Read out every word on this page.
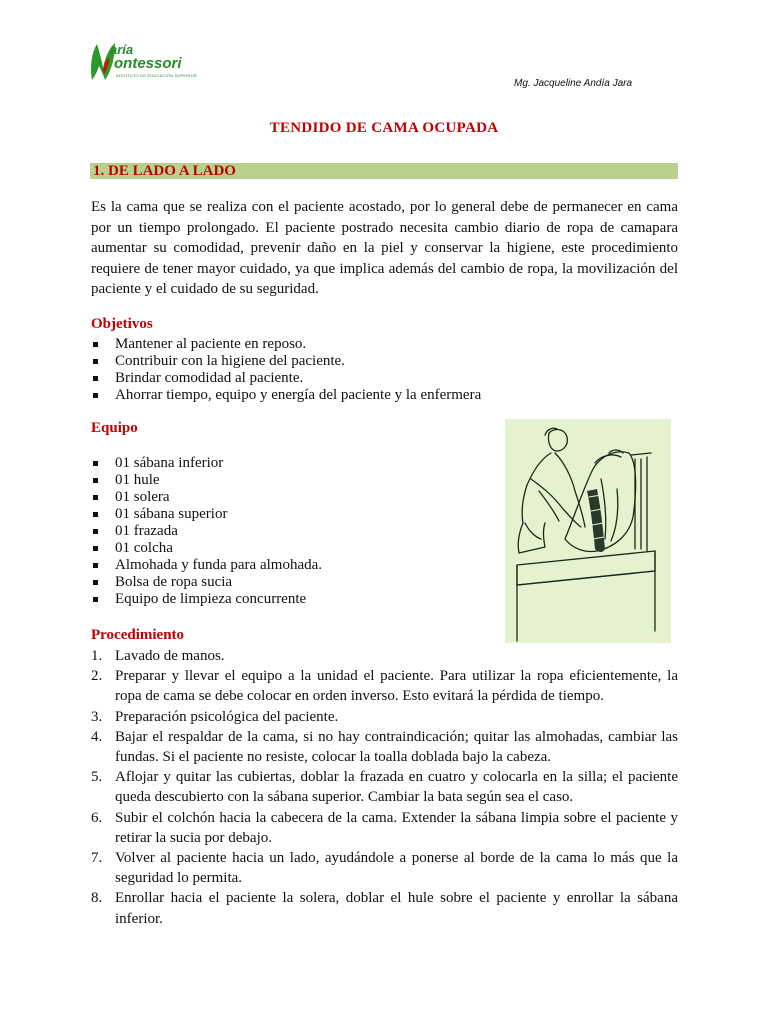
aría
ontessori
INSTITUTO DE EDUCACIÓN SUPERIOR
Mg. Jacqueline Andía Jara
TENDIDO DE CAMA OCUPADA
1. DE LADO A LADO

Es la cama que se realiza con el paciente acostado, por lo general debe de permanecer en cama por un tiempo prolongado. El paciente postrado necesita cambio diario de ropa de camapara aumentar su comodidad, prevenir daño en la piel y conservar la higiene, este procedimiento requiere de tener mayor cuidado, ya que implica además del cambio de ropa, la movilización del paciente y el cuidado de su seguridad.

Objetivos
Mantener al paciente en reposo.
Contribuir con la higiene del paciente.
Brindar comodidad al paciente.
Ahorrar tiempo, equipo y energía del paciente y la enfermera
Equipo
01 sábana inferior
01 hule
01 solera
01 sábana superior
01 frazada
01 colcha
Almohada y funda para almohada.
Bolsa de ropa sucia
Equipo de limpieza concurrente
Procedimiento
1. Lavado de manos.
2. Preparar y llevar el equipo a la unidad el paciente. Para utilizar la ropa eficientemente, la ropa de cama se debe colocar en orden inverso. Esto evitará la pérdida de tiempo.
3. Preparación psicológica del paciente.
4. Bajar el respaldar de la cama, si no hay contraindicación; quitar las almohadas, cambiar las fundas. Si el paciente no resiste, colocar la toalla doblada bajo la cabeza.
5. Aflojar y quitar las cubiertas, doblar la frazada en cuatro y colocarla en la silla; el paciente queda descubierto con la sábana superior. Cambiar la bata según sea el caso.
6. Subir el colchón hacia la cabecera de la cama. Extender la sábana limpia sobre el paciente y retirar la sucia por debajo.
7. Volver al paciente hacia un lado, ayudándole a ponerse al borde de la cama lo más que la seguridad lo permita.
8. Enrollar hacia el paciente la solera, doblar el hule sobre el paciente y enrollar la sábana inferior.
